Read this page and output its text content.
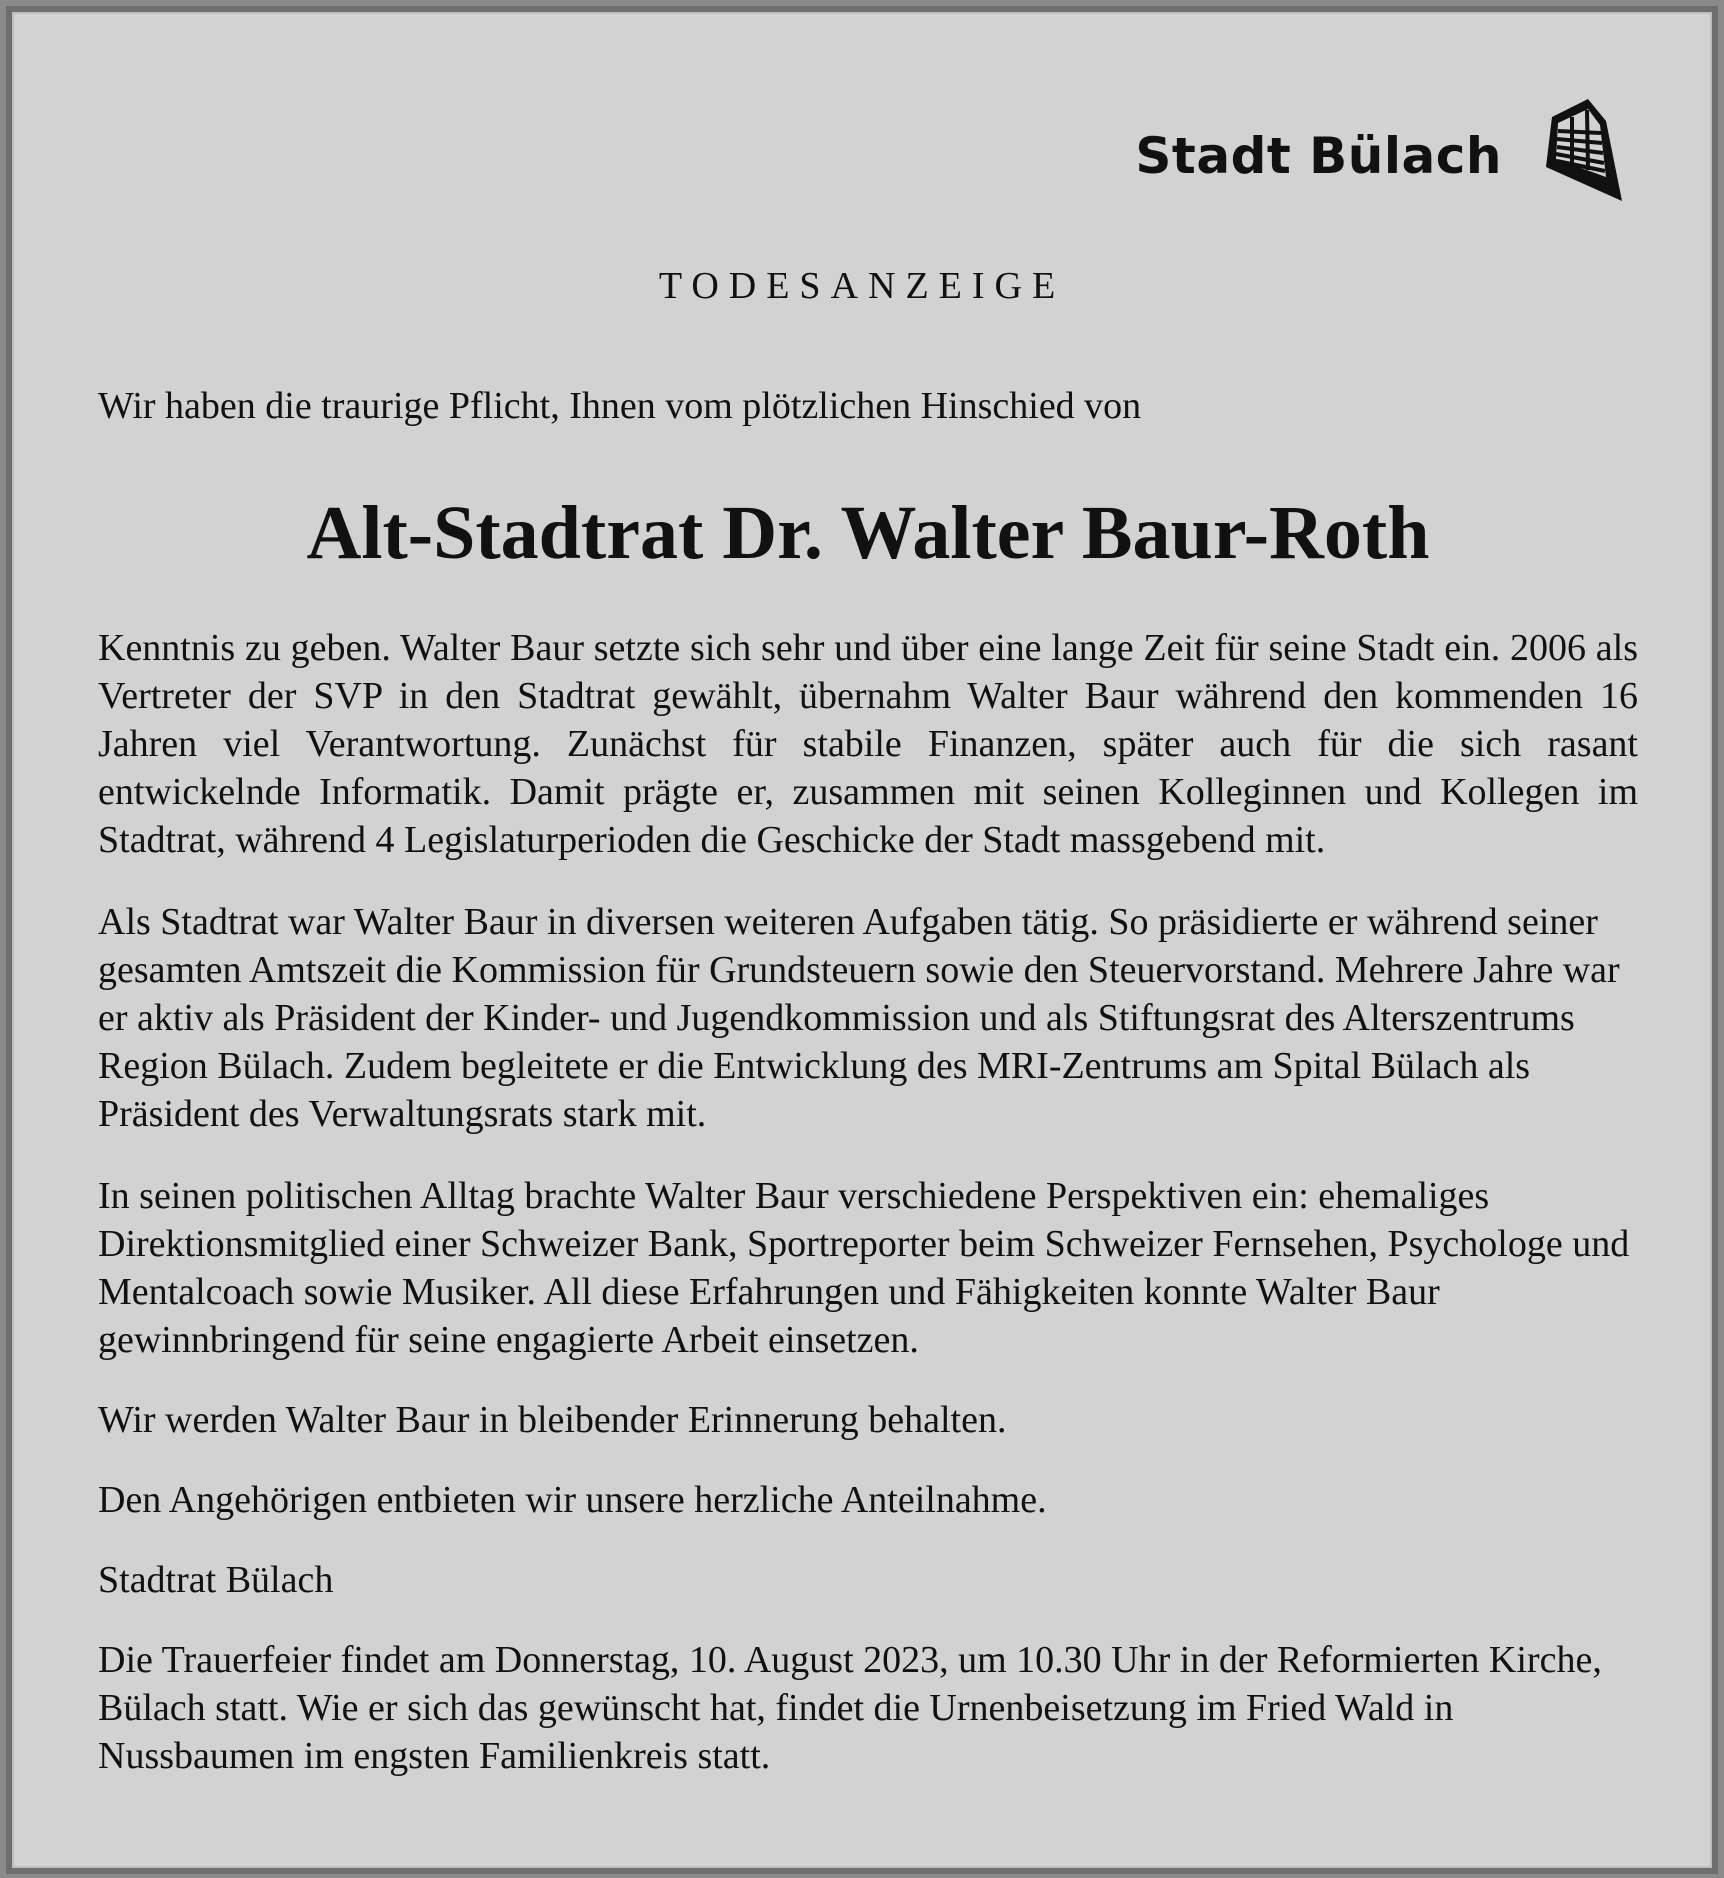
Stadt Bülach
TODESANZEIGE

Wir haben die traurige Pflicht, Ihnen vom plötzlichen Hinschied von

Alt-Stadtrat Dr. Walter Baur-Roth

Kenntnis zu geben. Walter Baur setzte sich sehr und über eine lange Zeit für seine Stadt ein. 2006 als Vertreter der SVP in den Stadtrat gewählt, übernahm Walter Baur während den kommenden 16 Jahren viel Verantwortung. Zunächst für stabile Finanzen, später auch für die sich rasant entwickelnde Informatik. Damit prägte er, zusammen mit seinen Kolleginnen und Kollegen im Stadtrat, während 4 Legislaturperioden die Geschicke der Stadt massgebend mit.

Als Stadtrat war Walter Baur in diversen weiteren Aufgaben tätig. So präsidierte er während seiner gesamten Amtszeit die Kommission für Grundsteuern sowie den Steuervorstand. Mehrere Jahre war er aktiv als Präsident der Kinder- und Jugendkommission und als Stiftungsrat des Alterszentrums Region Bülach. Zudem begleitete er die Entwicklung des MRI-Zentrums am Spital Bülach als Präsident des Verwaltungsrats stark mit.

In seinen politischen Alltag brachte Walter Baur verschiedene Perspektiven ein: ehemaliges Direktionsmitglied einer Schweizer Bank, Sportreporter beim Schweizer Fernsehen, Psychologe und Mentalcoach sowie Musiker. All diese Erfahrungen und Fähigkeiten konnte Walter Baur gewinnbringend für seine engagierte Arbeit einsetzen.

Wir werden Walter Baur in bleibender Erinnerung behalten.

Den Angehörigen entbieten wir unsere herzliche Anteilnahme.

Stadtrat Bülach

Die Trauerfeier findet am Donnerstag, 10. August 2023, um 10.30 Uhr in der Reformierten Kirche, Bülach statt. Wie er sich das gewünscht hat, findet die Urnenbeisetzung im Fried Wald in Nussbaumen im engsten Familienkreis statt.
